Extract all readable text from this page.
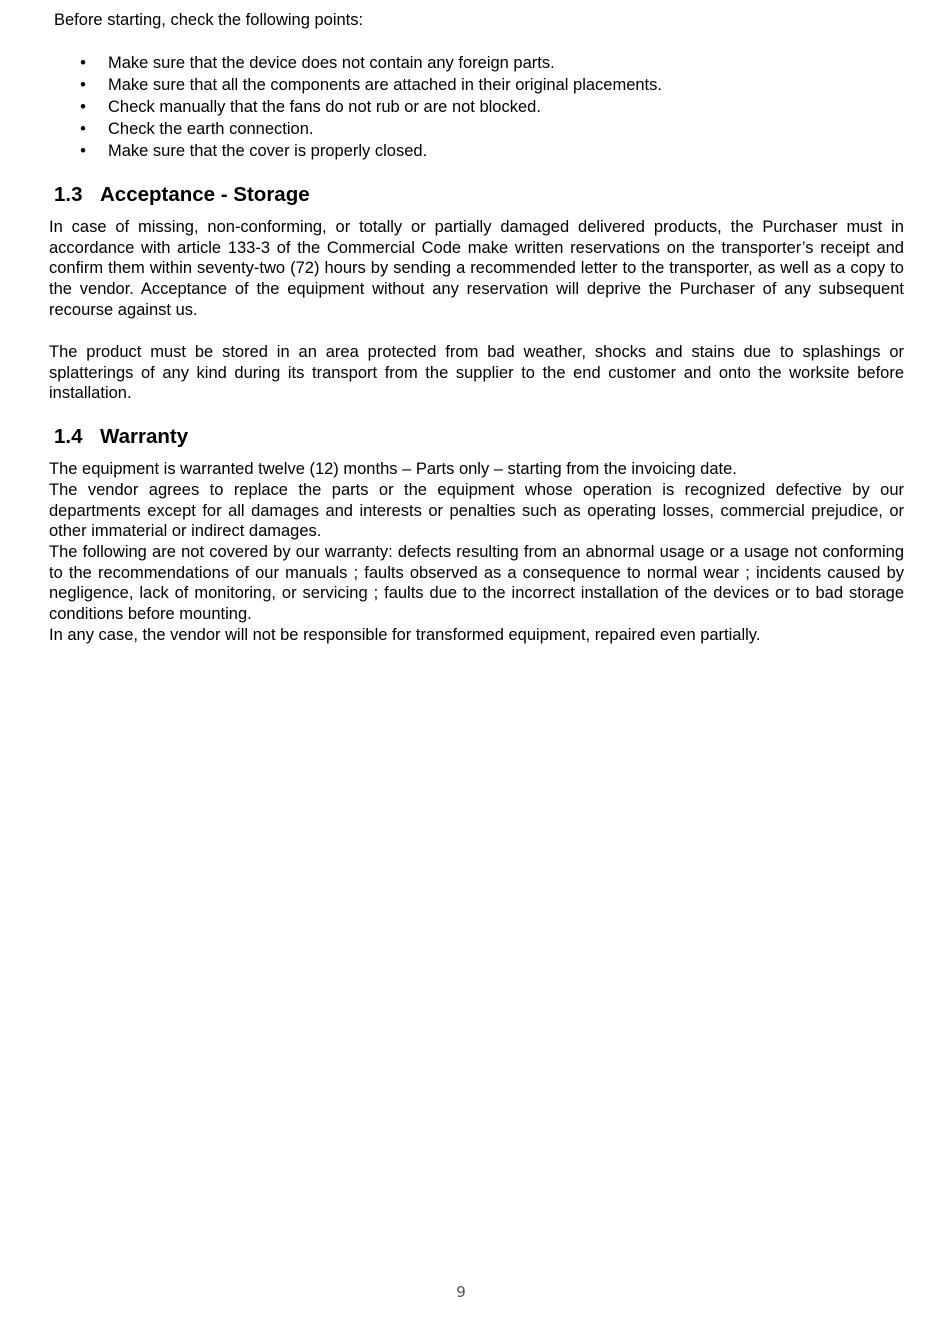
Before starting, check the following points:

• Make sure that the device does not contain any foreign parts.
• Make sure that all the components are attached in their original placements.
• Check manually that the fans do not rub or are not blocked.
• Check the earth connection.
• Make sure that the cover is properly closed.
1.3 Acceptance - Storage

In case of missing, non-conforming, or totally or partially damaged delivered products, the Purchaser must in accordance with article 133-3 of the Commercial Code make written reservations on the transporter’s receipt and confirm them within seventy-two (72) hours by sending a recommended letter to the transporter, as well as a copy to the vendor. Acceptance of the equipment without any reservation will deprive the Purchaser of any subsequent recourse against us.

The product must be stored in an area protected from bad weather, shocks and stains due to splashings or splatterings of any kind during its transport from the supplier to the end customer and onto the worksite before installation.

1.4 Warranty

The equipment is warranted twelve (12) months – Parts only – starting from the invoicing date.

The vendor agrees to replace the parts or the equipment whose operation is recognized defective by our departments except for all damages and interests or penalties such as operating losses, commercial prejudice, or other immaterial or indirect damages.

The following are not covered by our warranty: defects resulting from an abnormal usage or a usage not conforming to the recommendations of our manuals ; faults observed as a consequence to normal wear ; incidents caused by negligence, lack of monitoring, or servicing ; faults due to the incorrect installation of the devices or to bad storage conditions before mounting.

In any case, the vendor will not be responsible for transformed equipment, repaired even partially.

9
